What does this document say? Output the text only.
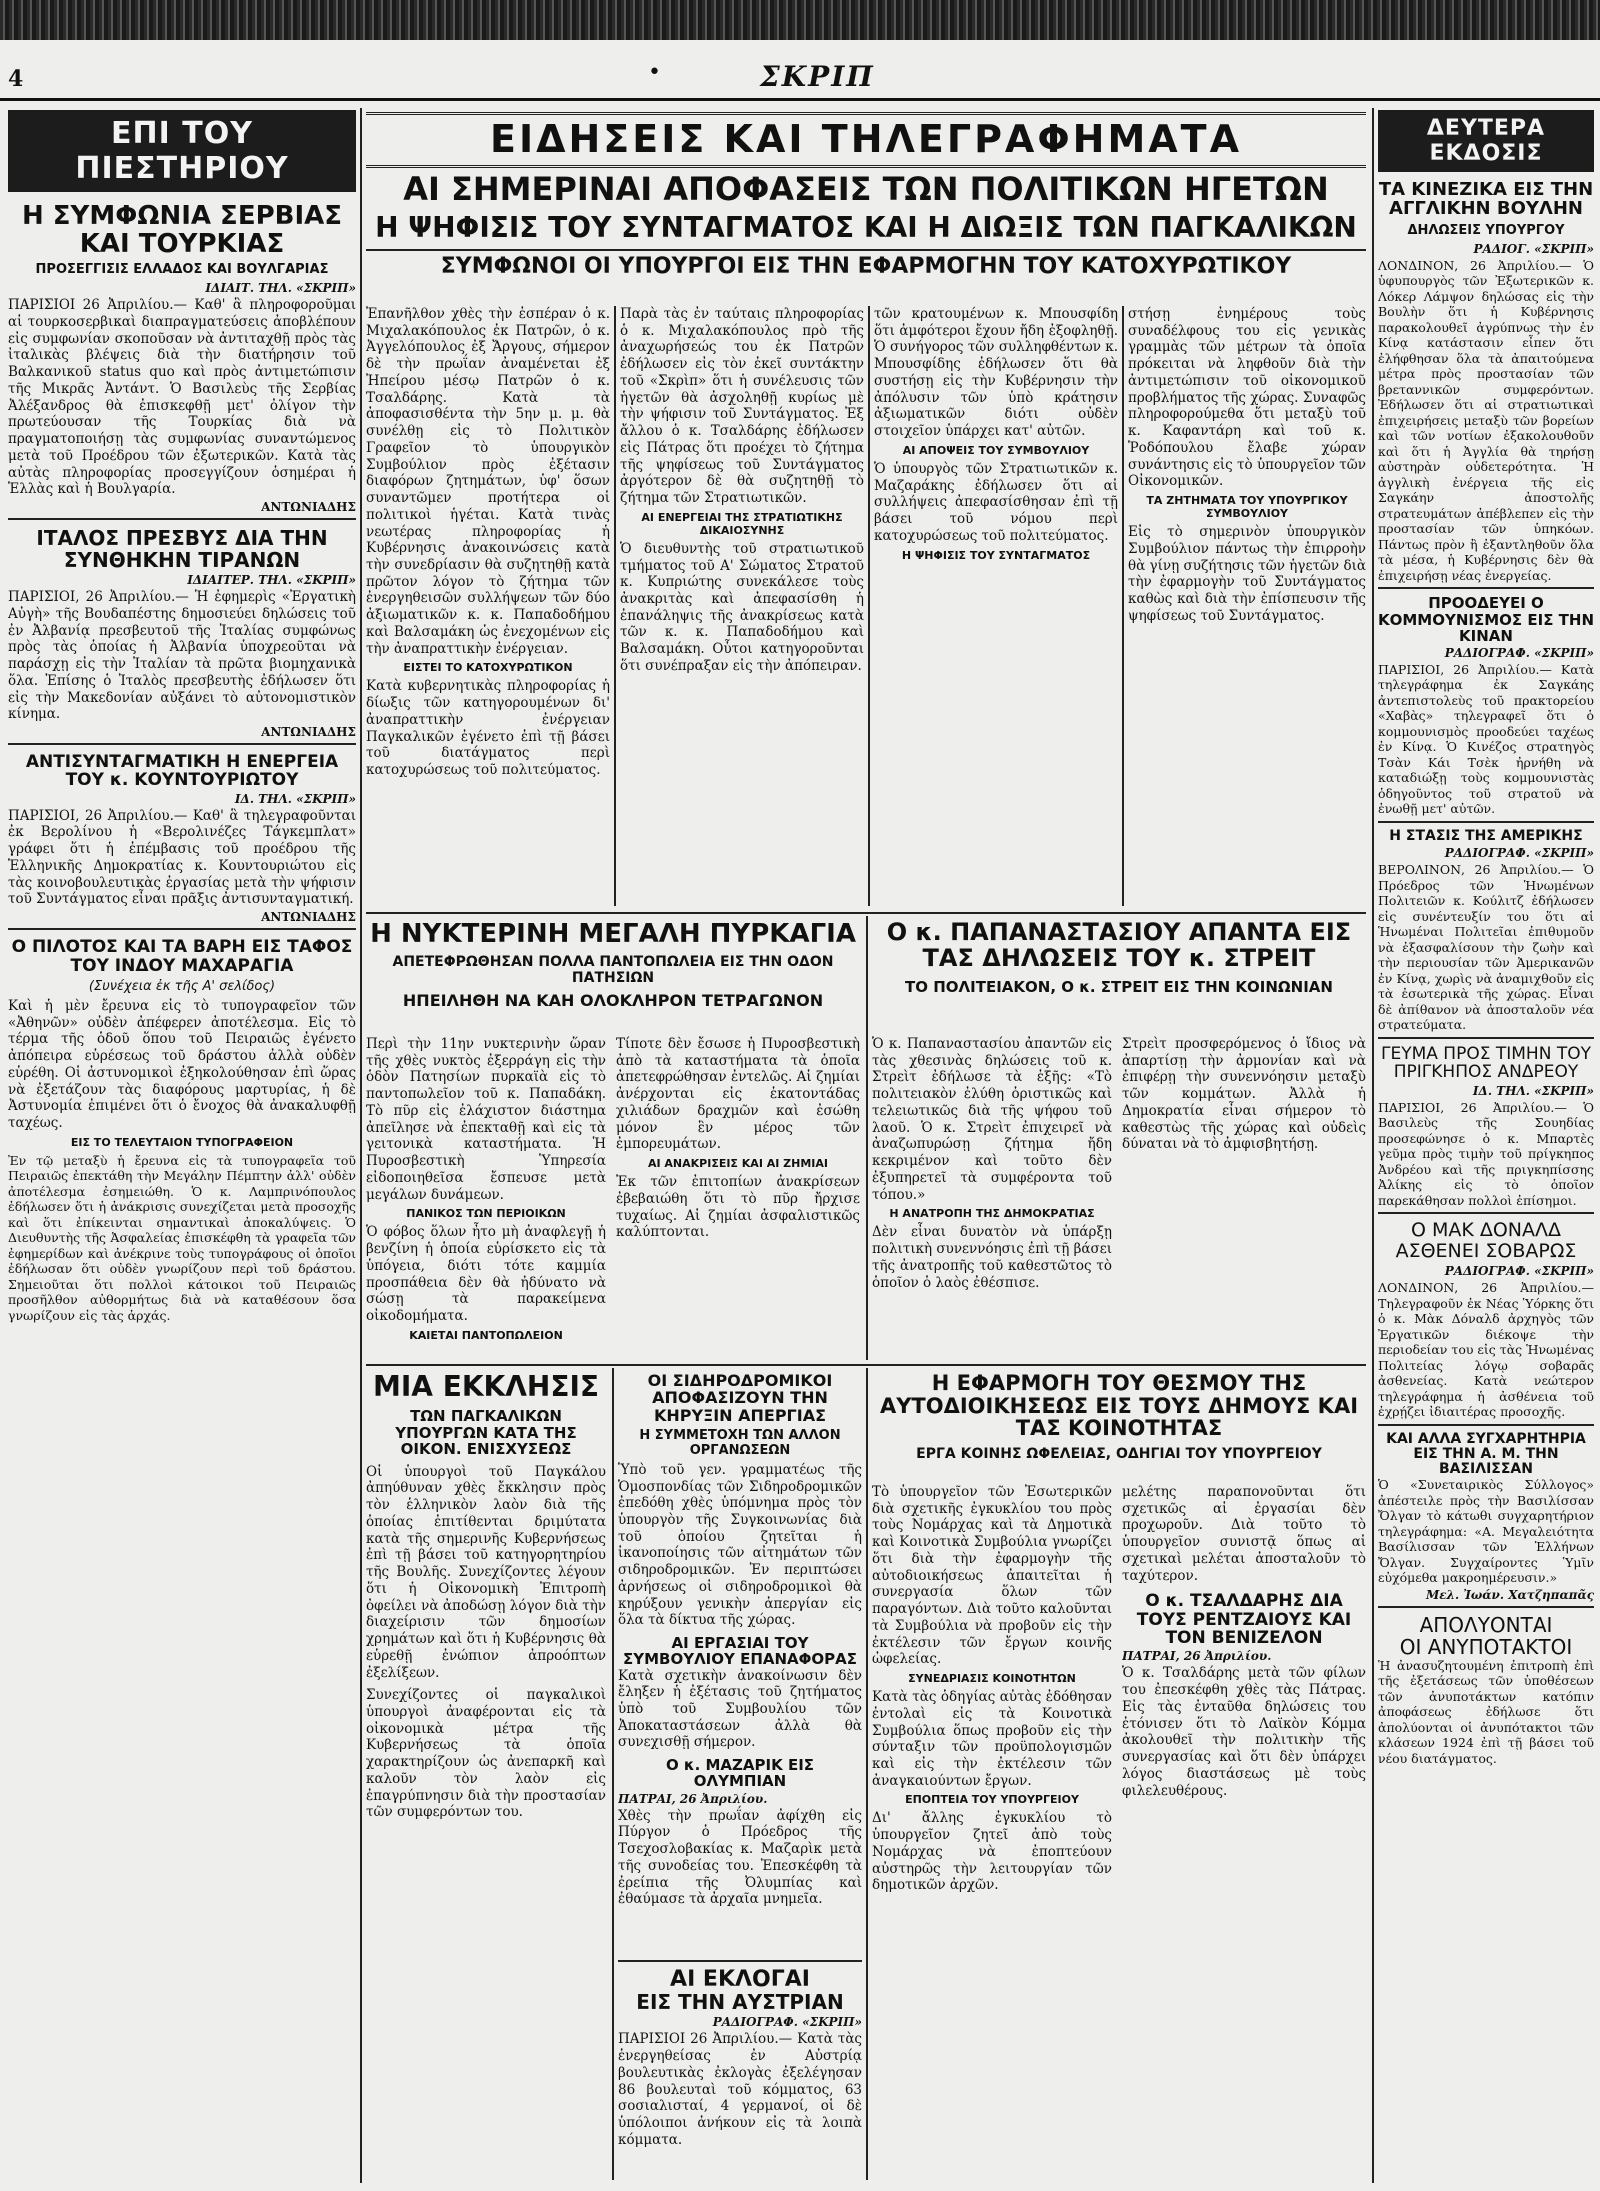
4	•	ΣΚΡΙΠ
ΕΠΙ ΤΟΥ ΠΙΕΣΤΗΡΙΟΥ
Η ΣΥΜΦΩΝΙΑ ΣΕΡΒΙΑΣ ΚΑΙ ΤΟΥΡΚΙΑΣ
ΠΡΟΣΕΓΓΙΣΙΣ ΕΛΛΑΔΟΣ ΚΑΙ ΒΟΥΛΓΑΡΙΑΣ
ΙΔΙΑΙΤ. ΤΗΛ. «ΣΚΡΙΠ»

ΠΑΡΙΣΙΟΙ 26 Ἀπριλίου.— Καθ' ἃ πληροφοροῦμαι αἱ τουρκοσερβικαὶ διαπραγματεύσεις ἀποβλέπουν εἰς συμφωνίαν σκοποῦσαν νὰ ἀντιταχθῇ πρὸς τὰς ἰταλικὰς βλέψεις διὰ τὴν διατήρησιν τοῦ Βαλκανικοῦ status quo καὶ πρὸς ἀντιμετώπισιν τῆς Μικρᾶς Ἀντάντ. Ὁ Βασιλεὺς τῆς Σερβίας Ἀλέξανδρος θὰ ἐπισκεφθῇ μετ' ὀλίγον τὴν πρωτεύουσαν τῆς Τουρκίας διὰ νὰ πραγματοποιήσῃ τὰς συμφωνίας συναντώμενος μετὰ τοῦ Προέδρου τῶν ἐξωτερικῶν. Κατὰ τὰς αὐτὰς πληροφορίας προσεγγίζουν ὁσημέραι ἡ Ἑλλὰς καὶ ἡ Βουλγαρία.

ΑΝΤΩΝΙΑΔΗΣ
ΙΤΑΛΟΣ ΠΡΕΣΒΥΣ ΔΙΑ ΤΗΝ ΣΥΝΘΗΚΗΝ ΤΙΡΑΝΩΝ
ΙΔΙΑΙΤΕΡ. ΤΗΛ. «ΣΚΡΙΠ»

ΠΑΡΙΣΙΟΙ, 26 Ἀπριλίου.— Ἡ ἐφημερὶς «Ἐργατικὴ Αὐγὴ» τῆς Βουδαπέστης δημοσιεύει δηλώσεις τοῦ ἐν Ἀλβανίᾳ πρεσβευτοῦ τῆς Ἰταλίας συμφώνως πρὸς τὰς ὁποίας ἡ Ἀλβανία ὑποχρεοῦται νὰ παράσχῃ εἰς τὴν Ἰταλίαν τὰ πρῶτα βιομηχανικὰ ὅλα. Ἐπίσης ὁ Ἰταλὸς πρεσβευτὴς ἐδήλωσεν ὅτι εἰς τὴν Μακεδονίαν αὐξάνει τὸ αὐτονομιστικὸν κίνημα.

ΑΝΤΩΝΙΑΔΗΣ
ΑΝΤΙΣΥΝΤΑΓΜΑΤΙΚΗ Η ΕΝΕΡΓΕΙΑ ΤΟΥ κ. ΚΟΥΝΤΟΥΡΙΩΤΟΥ
ΙΔ. ΤΗΛ. «ΣΚΡΙΠ»

ΠΑΡΙΣΙΟΙ, 26 Ἀπριλίου.— Καθ' ἃ τηλεγραφοῦνται ἐκ Βερολίνου ἡ «Βερολινέζες Τάγκεμπλατ» γράφει ὅτι ἡ ἐπέμβασις τοῦ προέδρου τῆς Ἑλληνικῆς Δημοκρατίας κ. Κουντουριώτου εἰς τὰς κοινοβουλευτικὰς ἐργασίας μετὰ τὴν ψήφισιν τοῦ Συντάγματος εἶναι πρᾶξις ἀντισυνταγματική.

ΑΝΤΩΝΙΑΔΗΣ
Ο ΠΙΛΟΤΟΣ ΚΑΙ ΤΑ ΒΑΡΗ ΕΙΣ ΤΑΦΟΣ ΤΟΥ ΙΝΔΟΥ ΜΑΧΑΡΑΓΙΑ
(Συνέχεια ἐκ τῆς Α' σελίδος)

Καὶ ἡ μὲν ἔρευνα εἰς τὸ τυπογραφεῖον τῶν «Ἀθηνῶν» οὐδὲν ἀπέφερεν ἀποτέλεσμα. Εἰς τὸ τέρμα τῆς ὁδοῦ ὅπου τοῦ Πειραιῶς ἐγένετο ἀπόπειρα εὑρέσεως τοῦ δράστου ἀλλὰ οὐδὲν εὑρέθη. Οἱ ἀστυνομικοὶ ἐξηκολούθησαν ἐπὶ ὥρας νὰ ἐξετάζουν τὰς διαφόρους μαρτυρίας, ἡ δὲ Ἀστυνομία ἐπιμένει ὅτι ὁ ἔνοχος θὰ ἀνακαλυφθῇ ταχέως.

ΕΙΣ ΤΟ ΤΕΛΕΥΤΑΙΟΝ ΤΥΠΟΓΡΑΦΕΙΟΝ

Ἐν τῷ μεταξὺ ἡ ἔρευνα εἰς τὰ τυπογραφεῖα τοῦ Πειραιῶς ἐπεκτάθη τὴν Μεγάλην Πέμπτην ἀλλ' οὐδὲν ἀποτέλεσμα ἐσημειώθη. Ὁ κ. Λαμπρινόπουλος ἐδήλωσεν ὅτι ἡ ἀνάκρισις συνεχίζεται μετὰ προσοχῆς καὶ ὅτι ἐπίκεινται σημαντικαὶ ἀποκαλύψεις. Ὁ Διευθυντὴς τῆς Ἀσφαλείας ἐπισκέφθη τὰ γραφεῖα τῶν ἐφημερίδων καὶ ἀνέκρινε τοὺς τυπογράφους οἱ ὁποῖοι ἐδήλωσαν ὅτι οὐδὲν γνωρίζουν περὶ τοῦ δράστου. Σημειοῦται ὅτι πολλοὶ κάτοικοι τοῦ Πειραιῶς προσῆλθον αὐθορμήτως διὰ νὰ καταθέσουν ὅσα γνωρίζουν εἰς τὰς ἀρχάς.

ΕΙΔΗΣΕΙΣ ΚΑΙ ΤΗΛΕΓΡΑΦΗΜΑΤΑ
ΑΙ ΣΗΜΕΡΙΝΑΙ ΑΠΟΦΑΣΕΙΣ ΤΩΝ ΠΟΛΙΤΙΚΩΝ ΗΓΕΤΩΝ
Η ΨΗΦΙΣΙΣ ΤΟΥ ΣΥΝΤΑΓΜΑΤΟΣ ΚΑΙ Η ΔΙΩΞΙΣ ΤΩΝ ΠΑΓΚΑΛΙΚΩΝ
ΣΥΜΦΩΝΟΙ ΟΙ ΥΠΟΥΡΓΟΙ ΕΙΣ ΤΗΝ ΕΦΑΡΜΟΓΗΝ ΤΟΥ ΚΑΤΟΧΥΡΩΤΙΚΟΥ

Ἐπανῆλθον χθὲς τὴν ἑσπέραν ὁ κ. Μιχαλακόπουλος ἐκ Πατρῶν, ὁ κ. Ἀγγελόπουλος ἐξ Ἄργους, σήμερον δὲ τὴν πρωΐαν ἀναμένεται ἐξ Ἠπείρου μέσῳ Πατρῶν ὁ κ. Τσαλδάρης. Κατὰ τὰ ἀποφασισθέντα τὴν 5ην μ. μ. θὰ συνέλθῃ εἰς τὸ Πολιτικὸν Γραφεῖον τὸ ὑπουργικὸν Συμβούλιον πρὸς ἐξέτασιν διαφόρων ζητημάτων, ὑφ' ὅσων συναντῶμεν προτήτερα οἱ πολιτικοὶ ἡγέται. Κατὰ τινὰς νεωτέρας πληροφορίας ἡ Κυβέρνησις ἀνακοινώσεις κατὰ τὴν συνεδρίασιν θὰ συζητηθῇ κατὰ πρῶτον λόγον τὸ ζήτημα τῶν ἐνεργηθεισῶν συλλήψεων τῶν δύο ἀξιωματικῶν κ. κ. Παπαδοδήμου καὶ Βαλσαμάκη ὡς ἐνεχομένων εἰς τὴν ἀναπραττικὴν ἐνέργειαν.

ΕΙΣΤΕΙ ΤΟ ΚΑΤΟΧΥΡΩΤΙΚΟΝ

Κατὰ κυβερνητικὰς πληροφορίας ἡ δίωξις τῶν κατηγορουμένων δι' ἀναπραττικὴν ἐνέργειαν Παγκαλικῶν ἐγένετο ἐπὶ τῇ βάσει τοῦ διατάγματος περὶ κατοχυρώσεως τοῦ πολιτεύματος.

Παρὰ τὰς ἐν ταύταις πληροφορίας ὁ κ. Μιχαλακόπουλος πρὸ τῆς ἀναχωρήσεώς του ἐκ Πατρῶν ἐδήλωσεν εἰς τὸν ἐκεῖ συντάκτην τοῦ «Σκρὶπ» ὅτι ἡ συνέλευσις τῶν ἡγετῶν θὰ ἀσχοληθῇ κυρίως μὲ τὴν ψήφισιν τοῦ Συντάγματος. Ἐξ ἄλλου ὁ κ. Τσαλδάρης ἐδήλωσεν εἰς Πάτρας ὅτι προέχει τὸ ζήτημα τῆς ψηφίσεως τοῦ Συντάγματος ἀργότερον δὲ θὰ συζητηθῇ τὸ ζήτημα τῶν Στρατιωτικῶν.

ΑΙ ΕΝΕΡΓΕΙΑΙ ΤΗΣ ΣΤΡΑΤΙΩΤΙΚΗΣ ΔΙΚΑΙΟΣΥΝΗΣ

Ὁ διευθυντὴς τοῦ στρατιωτικοῦ τμήματος τοῦ Α' Σώματος Στρατοῦ κ. Κυπριώτης συνεκάλεσε τοὺς ἀνακριτὰς καὶ ἀπεφασίσθη ἡ ἐπανάληψις τῆς ἀνακρίσεως κατὰ τῶν κ. κ. Παπαδοδήμου καὶ Βαλσαμάκη. Οὗτοι κατηγοροῦνται ὅτι συνέπραξαν εἰς τὴν ἀπόπειραν.

τῶν κρατουμένων κ. Μπουσφίδη ὅτι ἀμφότεροι ἔχουν ἤδη ἐξοφληθῇ. Ὁ συνήγορος τῶν συλληφθέντων κ. Μπουσφίδης ἐδήλωσεν ὅτι θὰ συστήσῃ εἰς τὴν Κυβέρνησιν τὴν ἀπόλυσιν τῶν ὑπὸ κράτησιν ἀξιωματικῶν διότι οὐδὲν στοιχεῖον ὑπάρχει κατ' αὐτῶν.

ΑΙ ΑΠΟΨΕΙΣ ΤΟΥ ΣΥΜΒΟΥΛΙΟΥ

Ὁ ὑπουργὸς τῶν Στρατιωτικῶν κ. Μαζαράκης ἐδήλωσεν ὅτι αἱ συλλήψεις ἀπεφασίσθησαν ἐπὶ τῇ βάσει τοῦ νόμου περὶ κατοχυρώσεως τοῦ πολιτεύματος.

Η ΨΗΦΙΣΙΣ ΤΟΥ ΣΥΝΤΑΓΜΑΤΟΣ

στήσῃ ἐνημέρους τοὺς συναδέλφους του εἰς γενικὰς γραμμὰς τῶν μέτρων τὰ ὁποῖα πρόκειται νὰ ληφθοῦν διὰ τὴν ἀντιμετώπισιν τοῦ οἰκονομικοῦ προβλήματος τῆς χώρας. Συναφῶς πληροφορούμεθα ὅτι μεταξὺ τοῦ κ. Καφαντάρη καὶ τοῦ κ. Ῥοδόπουλου ἔλαβε χώραν συνάντησις εἰς τὸ ὑπουργεῖον τῶν Οἰκονομικῶν.

ΤΑ ΖΗΤΗΜΑΤΑ ΤΟΥ ΥΠΟΥΡΓΙΚΟΥ ΣΥΜΒΟΥΛΙΟΥ

Εἰς τὸ σημερινὸν ὑπουργικὸν Συμβούλιον πάντως τὴν ἐπιρροὴν θὰ γίνῃ συζήτησις τῶν ἡγετῶν διὰ τὴν ἐφαρμογὴν τοῦ Συντάγματος καθὼς καὶ διὰ τὴν ἐπίσπευσιν τῆς ψηφίσεως τοῦ Συντάγματος.

Η ΝΥΚΤΕΡΙΝΗ ΜΕΓΑΛΗ ΠΥΡΚΑΓΙΑ
ΑΠΕΤΕΦΡΩΘΗΣΑΝ ΠΟΛΛΑ ΠΑΝΤΟΠΩΛΕΙΑ ΕΙΣ ΤΗΝ ΟΔΟΝ ΠΑΤΗΣΙΩΝ
ΗΠΕΙΛΗΘΗ ΝΑ ΚΑΗ ΟΛΟΚΛΗΡΟΝ ΤΕΤΡΑΓΩΝΟΝ

Περὶ τὴν 11ην νυκτερινὴν ὥραν τῆς χθὲς νυκτὸς ἐξερράγη εἰς τὴν ὁδὸν Πατησίων πυρκαϊὰ εἰς τὸ παντοπωλεῖον τοῦ κ. Παπαδάκη. Τὸ πῦρ εἰς ἐλάχιστον διάστημα ἀπεῖλησε νὰ ἐπεκταθῇ καὶ εἰς τὰ γειτονικὰ καταστήματα. Ἡ Πυροσβεστικὴ Ὑπηρεσία εἰδοποιηθεῖσα ἔσπευσε μετὰ μεγάλων δυνάμεων.

ΠΑΝΙΚΟΣ ΤΩΝ ΠΕΡΙΟΙΚΩΝ

Ὁ φόβος ὅλων ἦτο μὴ ἀναφλεγῇ ἡ βενζίνη ἡ ὁποία εὑρίσκετο εἰς τὰ ὑπόγεια, διότι τότε καμμία προσπάθεια δὲν θὰ ἠδύνατο νὰ σώσῃ τὰ παρακείμενα οἰκοδομήματα.

ΚΑΙΕΤΑΙ ΠΑΝΤΟΠΩΛΕΙΟΝ

Τίποτε δὲν ἔσωσε ἡ Πυροσβεστικὴ ἀπὸ τὰ καταστήματα τὰ ὁποῖα ἀπετεφρώθησαν ἐντελῶς. Αἱ ζημίαι ἀνέρχονται εἰς ἑκατοντάδας χιλιάδων δραχμῶν καὶ ἐσώθη μόνον ἓν μέρος τῶν ἐμπορευμάτων.

ΑΙ ΑΝΑΚΡΙΣΕΙΣ ΚΑΙ ΑΙ ΖΗΜΙΑΙ

Ἐκ τῶν ἐπιτοπίων ἀνακρίσεων ἐβεβαιώθη ὅτι τὸ πῦρ ἤρχισε τυχαίως. Αἱ ζημίαι ἀσφαλιστικῶς καλύπτονται.

Ο κ. ΠΑΠΑΝΑΣΤΑΣΙΟΥ ΑΠΑΝΤΑ ΕΙΣ ΤΑΣ ΔΗΛΩΣΕΙΣ ΤΟΥ κ. ΣΤΡΕΙΤ
ΤΟ ΠΟΛΙΤΕΙΑΚΟΝ, Ο κ. ΣΤΡΕΙΤ ΕΙΣ ΤΗΝ ΚΟΙΝΩΝΙΑΝ

Ὁ κ. Παπαναστασίου ἀπαντῶν εἰς τὰς χθεσινὰς δηλώσεις τοῦ κ. Στρεὶτ ἐδήλωσε τὰ ἑξῆς: «Τὸ πολιτειακὸν ἐλύθη ὁριστικῶς καὶ τελειωτικῶς διὰ τῆς ψήφου τοῦ λαοῦ. Ὁ κ. Στρεὶτ ἐπιχειρεῖ νὰ ἀναζωπυρώσῃ ζήτημα ἤδη κεκριμένον καὶ τοῦτο δὲν ἐξυπηρετεῖ τὰ συμφέροντα τοῦ τόπου.»

Η ΑΝΑΤΡΟΠΗ ΤΗΣ ΔΗΜΟΚΡΑΤΙΑΣ

Δὲν εἶναι δυνατὸν νὰ ὑπάρξῃ πολιτικὴ συνεννόησις ἐπὶ τῇ βάσει τῆς ἀνατροπῆς τοῦ καθεστῶτος τὸ ὁποῖον ὁ λαὸς ἐθέσπισε.

Στρεὶτ προσφερόμενος ὁ ἴδιος νὰ ἀπαρτίσῃ τὴν ἀρμονίαν καὶ νὰ ἐπιφέρῃ τὴν συνεννόησιν μεταξὺ τῶν κομμάτων. Ἀλλὰ ἡ Δημοκρατία εἶναι σήμερον τὸ καθεστὼς τῆς χώρας καὶ οὐδεὶς δύναται νὰ τὸ ἀμφισβητήσῃ.

ΜΙΑ ΕΚΚΛΗΣΙΣ
ΤΩΝ ΠΑΓΚΑΛΙΚΩΝ ΥΠΟΥΡΓΩΝ ΚΑΤΑ ΤΗΣ ΟΙΚΟΝ. ΕΝΙΣΧΥΣΕΩΣ

Οἱ ὑπουργοὶ τοῦ Παγκάλου ἀπηύθυναν χθὲς ἔκκλησιν πρὸς τὸν ἑλληνικὸν λαὸν διὰ τῆς ὁποίας ἐπιτίθενται δριμύτατα κατὰ τῆς σημερινῆς Κυβερνήσεως ἐπὶ τῇ βάσει τοῦ κατηγορητηρίου τῆς Βουλῆς. Συνεχίζοντες λέγουν ὅτι ἡ Οἰκονομικὴ Ἐπιτροπὴ ὀφείλει νὰ ἀποδώσῃ λόγον διὰ τὴν διαχείρισιν τῶν δημοσίων χρημάτων καὶ ὅτι ἡ Κυβέρνησις θὰ εὑρεθῇ ἐνώπιον ἀπροόπτων ἐξελίξεων.

Συνεχίζοντες οἱ παγκαλικοὶ ὑπουργοὶ ἀναφέρονται εἰς τὰ οἰκονομικὰ μέτρα τῆς Κυβερνήσεως τὰ ὁποῖα χαρακτηρίζουν ὡς ἀνεπαρκῆ καὶ καλοῦν τὸν λαὸν εἰς ἐπαγρύπνησιν διὰ τὴν προστασίαν τῶν συμφερόντων του.

ΟΙ ΣΙΔΗΡΟΔΡΟΜΙΚΟΙ ΑΠΟΦΑΣΙΖΟΥΝ ΤΗΝ ΚΗΡΥΞΙΝ ΑΠΕΡΓΙΑΣ
Η ΣΥΜΜΕΤΟΧΗ ΤΩΝ ΑΛΛΟΝ ΟΡΓΑΝΩΣΕΩΝ

Ὑπὸ τοῦ γεν. γραμματέως τῆς Ὁμοσπονδίας τῶν Σιδηροδρομικῶν ἐπεδόθη χθὲς ὑπόμνημα πρὸς τὸν ὑπουργὸν τῆς Συγκοινωνίας διὰ τοῦ ὁποίου ζητεῖται ἡ ἱκανοποίησις τῶν αἰτημάτων τῶν σιδηροδρομικῶν. Ἐν περιπτώσει ἀρνήσεως οἱ σιδηροδρομικοὶ θὰ κηρύξουν γενικὴν ἀπεργίαν εἰς ὅλα τὰ δίκτυα τῆς χώρας.

ΑΙ ΕΡΓΑΣΙΑΙ ΤΟΥ ΣΥΜΒΟΥΛΙΟΥ ΕΠΑΝΑΦΟΡΑΣ

Κατὰ σχετικὴν ἀνακοίνωσιν δὲν ἔληξεν ἡ ἐξέτασις τοῦ ζητήματος ὑπὸ τοῦ Συμβουλίου τῶν Ἀποκαταστάσεων ἀλλὰ θὰ συνεχισθῇ σήμερον.

Ο κ. ΜΑΖΑΡΙΚ ΕΙΣ ΟΛΥΜΠΙΑΝ
ΠΑΤΡΑΙ, 26 Ἀπριλίου.

Χθὲς τὴν πρωΐαν ἀφίχθη εἰς Πύργον ὁ Πρόεδρος τῆς Τσεχοσλοβακίας κ. Μαζαρὶκ μετὰ τῆς συνοδείας του. Ἐπεσκέφθη τὰ ἐρείπια τῆς Ὀλυμπίας καὶ ἐθαύμασε τὰ ἀρχαῖα μνημεῖα.

Η ΕΦΑΡΜΟΓΗ ΤΟΥ ΘΕΣΜΟΥ ΤΗΣ ΑΥΤΟΔΙΟΙΚΗΣΕΩΣ ΕΙΣ ΤΟΥΣ ΔΗΜΟΥΣ ΚΑΙ ΤΑΣ ΚΟΙΝΟΤΗΤΑΣ
ΕΡΓΑ ΚΟΙΝΗΣ ΩΦΕΛΕΙΑΣ, ΟΔΗΓΙΑΙ ΤΟΥ ΥΠΟΥΡΓΕΙΟΥ

Τὸ ὑπουργεῖον τῶν Ἐσωτερικῶν διὰ σχετικῆς ἐγκυκλίου του πρὸς τοὺς Νομάρχας καὶ τὰ Δημοτικὰ καὶ Κοινοτικὰ Συμβούλια γνωρίζει ὅτι διὰ τὴν ἐφαρμογὴν τῆς αὐτοδιοικήσεως ἀπαιτεῖται ἡ συνεργασία ὅλων τῶν παραγόντων. Διὰ τοῦτο καλοῦνται τὰ Συμβούλια νὰ προβοῦν εἰς τὴν ἐκτέλεσιν τῶν ἔργων κοινῆς ὠφελείας.

ΣΥΝΕΔΡΙΑΣΙΣ ΚΟΙΝΟΤΗΤΩΝ

Κατὰ τὰς ὁδηγίας αὐτὰς ἐδόθησαν ἐντολαὶ εἰς τὰ Κοινοτικὰ Συμβούλια ὅπως προβοῦν εἰς τὴν σύνταξιν τῶν προϋπολογισμῶν καὶ εἰς τὴν ἐκτέλεσιν τῶν ἀναγκαιούντων ἔργων.

ΕΠΟΠΤΕΙΑ ΤΟΥ ΥΠΟΥΡΓΕΙΟΥ

Δι' ἄλλης ἐγκυκλίου τὸ ὑπουργεῖον ζητεῖ ἀπὸ τοὺς Νομάρχας νὰ ἐποπτεύουν αὐστηρῶς τὴν λειτουργίαν τῶν δημοτικῶν ἀρχῶν.

μελέτης παραπονοῦνται ὅτι σχετικῶς αἱ ἐργασίαι δὲν προχωροῦν. Διὰ τοῦτο τὸ ὑπουργεῖον συνιστᾷ ὅπως αἱ σχετικαὶ μελέται ἀποσταλοῦν τὸ ταχύτερον.

Ο κ. ΤΣΑΛΔΑΡΗΣ ΔΙΑ ΤΟΥΣ ΡΕΝΤΖΑΙΟΥΣ ΚΑΙ ΤΟΝ ΒΕΝΙΖΕΛΟΝ
ΠΑΤΡΑΙ, 26 Ἀπριλίου.

Ὁ κ. Τσαλδάρης μετὰ τῶν φίλων του ἐπεσκέφθη χθὲς τὰς Πάτρας. Εἰς τὰς ἐνταῦθα δηλώσεις του ἐτόνισεν ὅτι τὸ Λαϊκὸν Κόμμα ἀκολουθεῖ τὴν πολιτικὴν τῆς συνεργασίας καὶ ὅτι δὲν ὑπάρχει λόγος διαστάσεως μὲ τοὺς φιλελευθέρους.

ΑΙ ΕΚΛΟΓΑΙ
ΕΙΣ ΤΗΝ ΑΥΣΤΡΙΑΝ
ΡΑΔΙΟΓΡΑΦ. «ΣΚΡΙΠ»

ΠΑΡΙΣΙΟΙ 26 Ἀπριλίου.— Κατὰ τὰς ἐνεργηθείσας ἐν Αὐστρίᾳ βουλευτικὰς ἐκλογὰς ἐξελέγησαν 86 βουλευταὶ τοῦ κόμματος, 63 σοσιαλισταί, 4 γερμανοί, οἱ δὲ ὑπόλοιποι ἀνήκουν εἰς τὰ λοιπὰ κόμματα.

ΔΕΥΤΕΡΑ ΕΚΔΟΣΙΣ
ΤΑ ΚΙΝΕΖΙΚΑ ΕΙΣ ΤΗΝ ΑΓΓΛΙΚΗΝ ΒΟΥΛΗΝ
ΔΗΛΩΣΕΙΣ ΥΠΟΥΡΓΟΥ
ΡΑΔΙΟΓ. «ΣΚΡΙΠ»

ΛΟΝΔΙΝΟΝ, 26 Ἀπριλίου.— Ὁ ὑφυπουργὸς τῶν Ἐξωτερικῶν κ. Λόκερ Λάμψον δηλώσας εἰς τὴν Βουλὴν ὅτι ἡ Κυβέρνησις παρακολουθεῖ ἀγρύπνως τὴν ἐν Κίνᾳ κατάστασιν εἶπεν ὅτι ἐλήφθησαν ὅλα τὰ ἀπαιτούμενα μέτρα πρὸς προστασίαν τῶν βρεταννικῶν συμφερόντων. Ἐδήλωσεν ὅτι αἱ στρατιωτικαὶ ἐπιχειρήσεις μεταξὺ τῶν βορείων καὶ τῶν νοτίων ἐξακολουθοῦν καὶ ὅτι ἡ Ἀγγλία θὰ τηρήσῃ αὐστηρὰν οὐδετερότητα. Ἡ ἀγγλικὴ ἐνέργεια τῆς εἰς Σαγκάην ἀποστολῆς στρατευμάτων ἀπέβλεπεν εἰς τὴν προστασίαν τῶν ὑπηκόων. Πάντως πρὸν ἢ ἐξαντληθοῦν ὅλα τὰ μέσα, ἡ Κυβέρνησις δὲν θὰ ἐπιχειρήσῃ νέας ἐνεργείας.

ΠΡΟΟΔΕΥΕΙ Ο ΚΟΜΜΟΥΝΙΣΜΟΣ ΕΙΣ ΤΗΝ ΚΙΝΑΝ
ΡΑΔΙΟΓΡΑΦ. «ΣΚΡΙΠ»

ΠΑΡΙΣΙΟΙ, 26 Ἀπριλίου.— Κατὰ τηλεγράφημα ἐκ Σαγκάης ἀντεπιστολεὺς τοῦ πρακτορείου «Χαβὰς» τηλεγραφεῖ ὅτι ὁ κομμουνισμὸς προοδεύει ταχέως ἐν Κίνᾳ. Ὁ Κινέζος στρατηγὸς Τσὰν Κάι Τσὲκ ἠρνήθη νὰ καταδιώξῃ τοὺς κομμουνιστὰς ὁδηγοῦντος τοῦ στρατοῦ νὰ ἑνωθῇ μετ' αὐτῶν.

Η ΣΤΑΣΙΣ ΤΗΣ ΑΜΕΡΙΚΗΣ
ΡΑΔΙΟΓΡΑΦ. «ΣΚΡΙΠ»

ΒΕΡΟΛΙΝΟΝ, 26 Ἀπριλίου.— Ὁ Πρόεδρος τῶν Ἡνωμένων Πολιτειῶν κ. Κούλιτζ ἐδήλωσεν εἰς συνέντευξίν του ὅτι αἱ Ἡνωμέναι Πολιτεῖαι ἐπιθυμοῦν νὰ ἐξασφαλίσουν τὴν ζωὴν καὶ τὴν περιουσίαν τῶν Ἀμερικανῶν ἐν Κίνᾳ, χωρὶς νὰ ἀναμιχθοῦν εἰς τὰ ἐσωτερικὰ τῆς χώρας. Εἶναι δὲ ἀπίθανον νὰ ἀποσταλοῦν νέα στρατεύματα.

ΓΕΥΜΑ ΠΡΟΣ ΤΙΜΗΝ ΤΟΥ ΠΡΙΓΚΗΠΟΣ ΑΝΔΡΕΟΥ
ΙΔ. ΤΗΛ. «ΣΚΡΙΠ»

ΠΑΡΙΣΙΟΙ, 26 Ἀπριλίου.— Ὁ Βασιλεὺς τῆς Σουηδίας προσεφώνησε ὁ κ. Μπαρτὲς γεῦμα πρὸς τιμὴν τοῦ πρίγκηπος Ἀνδρέου καὶ τῆς πριγκηπίσσης Ἀλίκης εἰς τὸ ὁποῖον παρεκάθησαν πολλοὶ ἐπίσημοι.

Ο ΜΑΚ ΔΟΝΑΛΔ ΑΣΘΕΝΕΙ ΣΟΒΑΡΩΣ
ΡΑΔΙΟΓΡΑΦ. «ΣΚΡΙΠ»

ΛΟΝΔΙΝΟΝ, 26 Ἀπριλίου.— Τηλεγραφοῦν ἐκ Νέας Ὑόρκης ὅτι ὁ κ. Μὰκ Δόναλδ ἀρχηγὸς τῶν Ἐργατικῶν διέκοψε τὴν περιοδείαν του εἰς τὰς Ἡνωμένας Πολιτείας λόγῳ σοβαρᾶς ἀσθενείας. Κατὰ νεώτερον τηλεγράφημα ἡ ἀσθένεια τοῦ ἐχρῄζει ἰδιαιτέρας προσοχῆς.

ΚΑΙ ΑΛΛΑ ΣΥΓΧΑΡΗΤΗΡΙΑ ΕΙΣ ΤΗΝ Α. Μ. ΤΗΝ ΒΑΣΙΛΙΣΣΑΝ

Ὁ «Συνεταιρικὸς Σύλλογος» ἀπέστειλε πρὸς τὴν Βασιλίσσαν Ὄλγαν τὸ κάτωθι συγχαρητήριον τηλεγράφημα: «Α. Μεγαλειότητα Βασίλισσαν τῶν Ἑλλήνων Ὄλγαν. Συγχαίροντες Ὑμῖν εὐχόμεθα μακροημέρευσιν.»

Μελ. Ἰωάν. Χατζηπαπᾶς
ΑΠΟΛΥΟΝΤΑΙ
ΟΙ ΑΝΥΠΟΤΑΚΤΟΙ

Ἡ ἀνασυζητουμένη ἐπιτροπὴ ἐπὶ τῆς ἐξετάσεως τῶν ὑποθέσεων τῶν ἀνυποτάκτων κατόπιν ἀποφάσεως ἐδήλωσε ὅτι ἀπολύονται οἱ ἀνυπότακτοι τῶν κλάσεων 1924 ἐπὶ τῇ βάσει τοῦ νέου διατάγματος.
